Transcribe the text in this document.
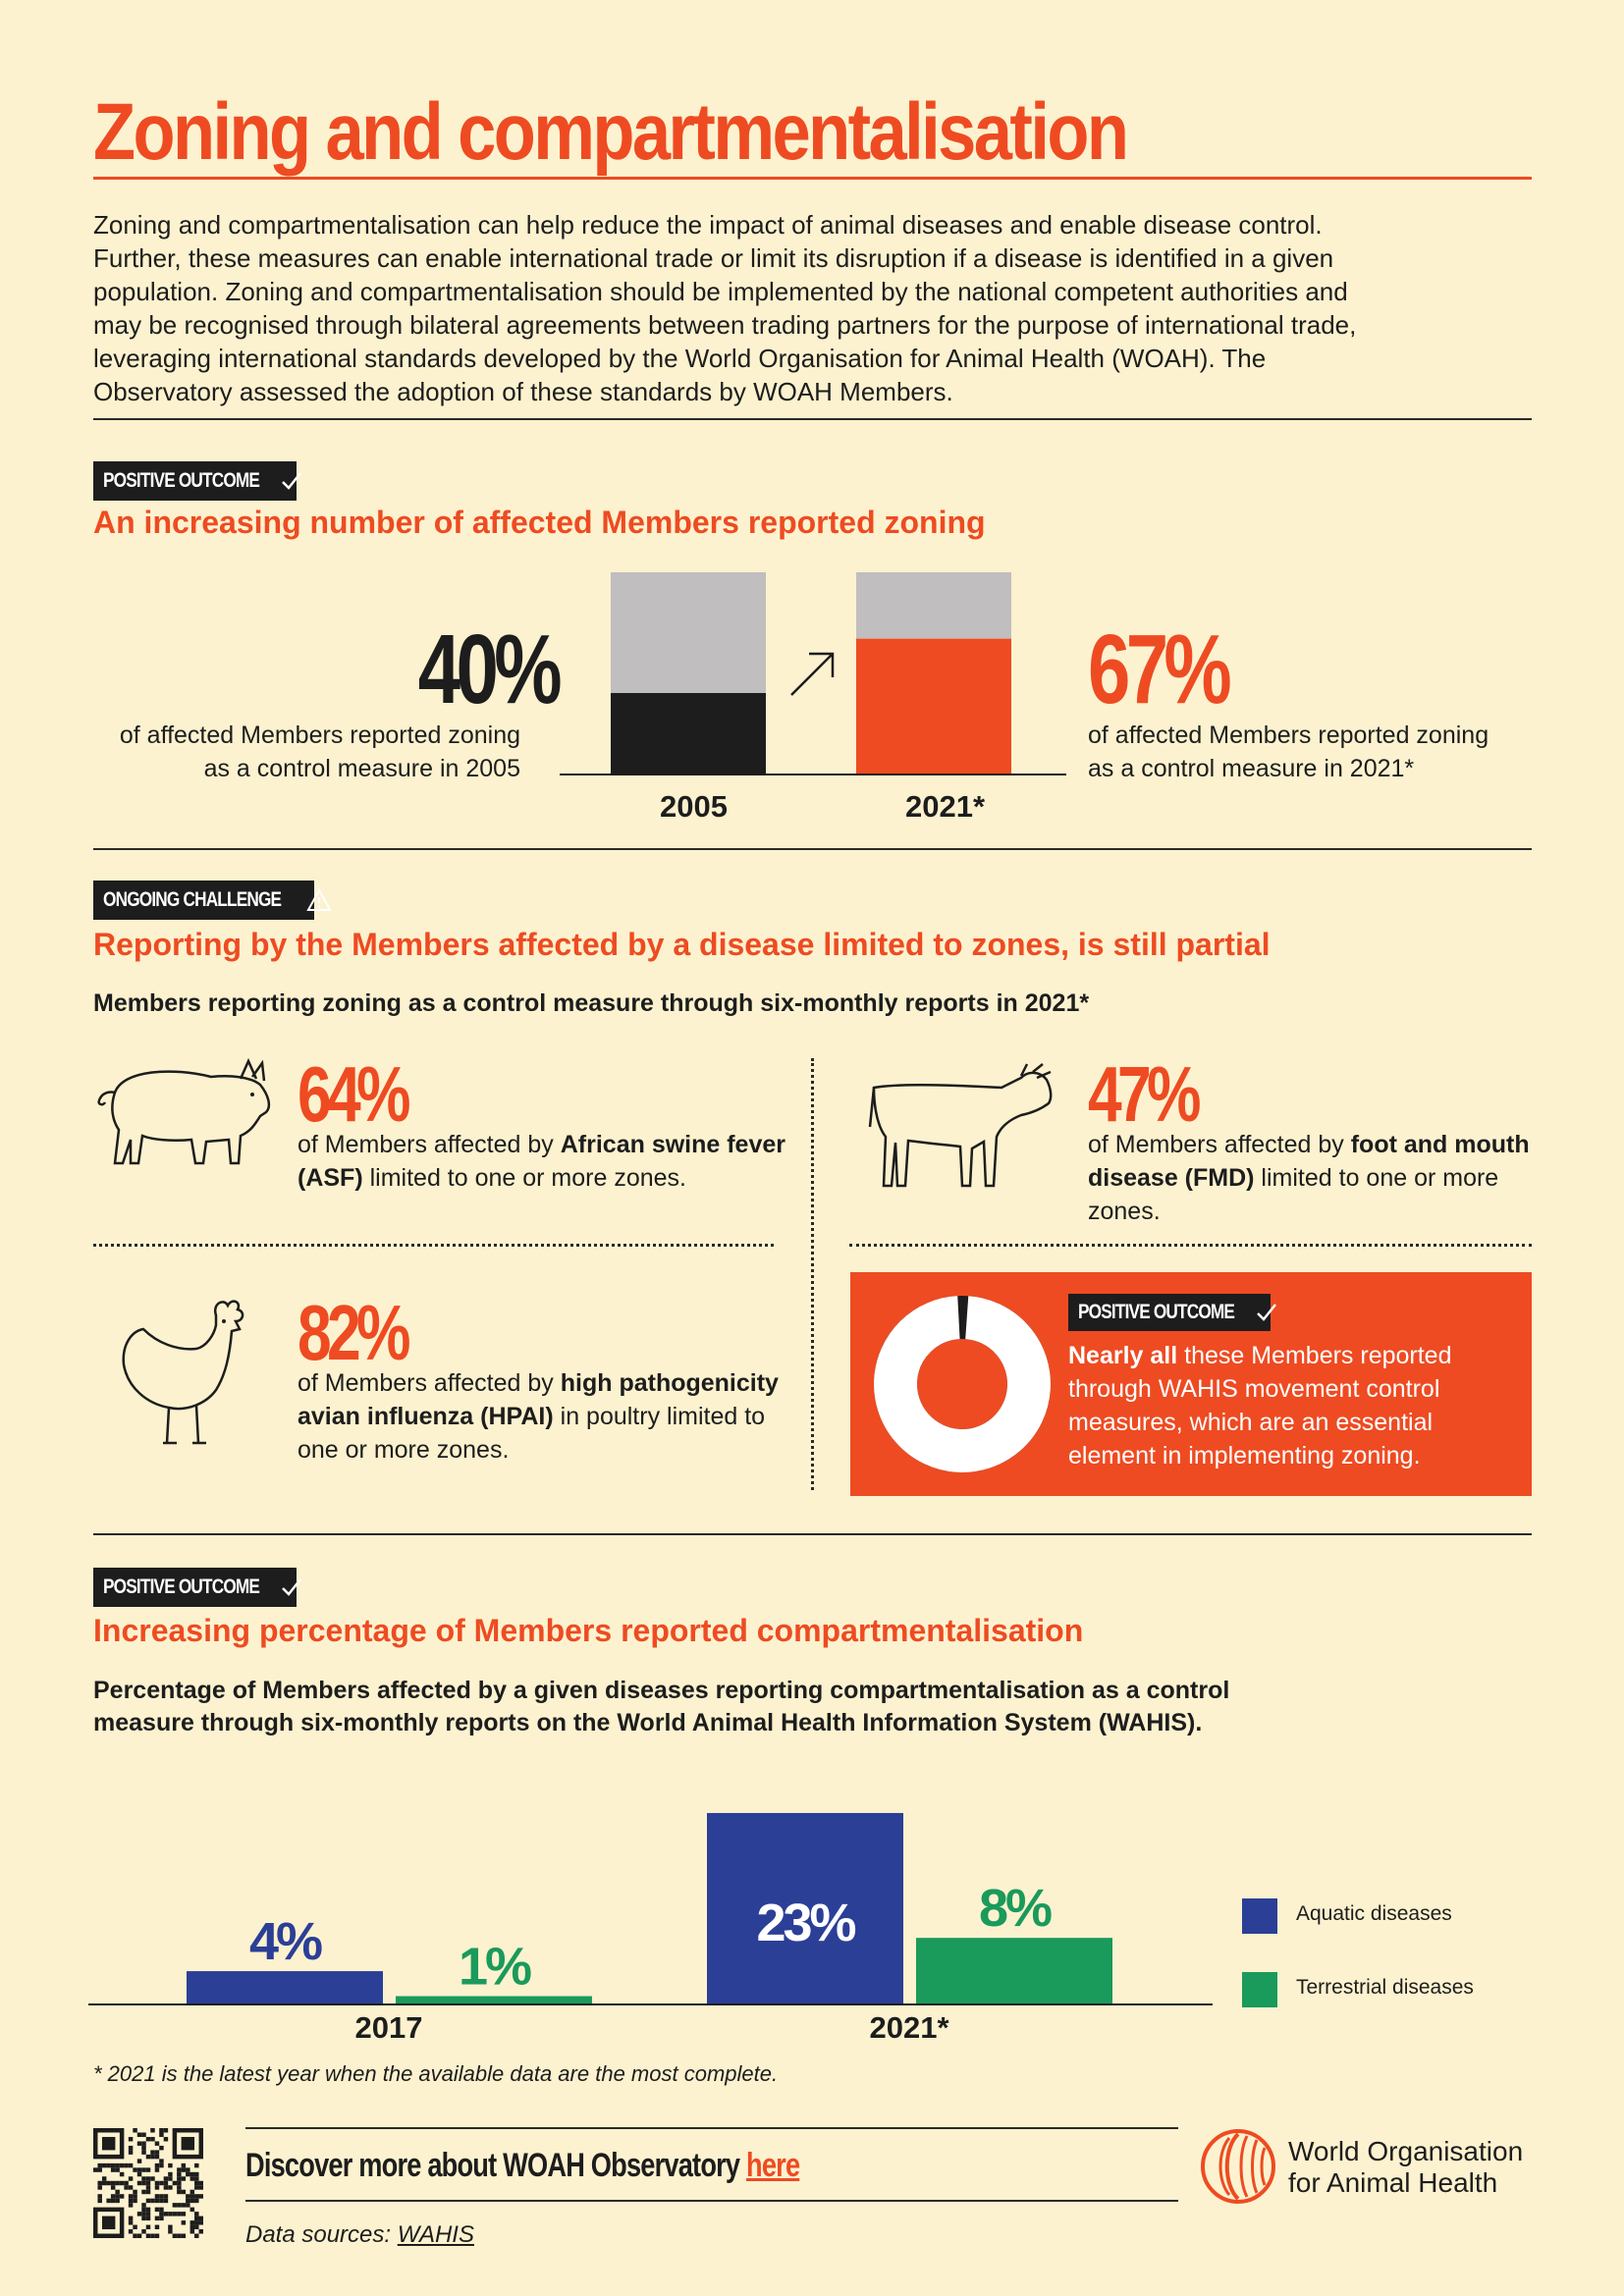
Zoning and compartmentalisation
Zoning and compartmentalisation can help reduce the impact of animal diseases and enable disease control. Further, these measures can enable international trade or limit its disruption if a disease is identified in a given population. Zoning and compartmentalisation should be implemented by the national competent authorities and may be recognised through bilateral agreements between trading partners for the purpose of international trade, leveraging international standards developed by the World Organisation for Animal Health (WOAH). The Observatory assessed the adoption of these standards by WOAH Members.
POSITIVE OUTCOME
An increasing number of affected Members reported zoning
40%
of affected Members reported zoning as a control measure in 2005
2005	2021*
67%
of affected Members reported zoning as a control measure in 2021*
ONGOING CHALLENGE
Reporting by the Members affected by a disease limited to zones, is still partial
Members reporting zoning as a control measure through six-monthly reports in 2021*
64%
of Members affected by African swine fever (ASF) limited to one or more zones.
47%
of Members affected by foot and mouth disease (FMD) limited to one or more zones.
82%
of Members affected by high pathogenicity avian influenza (HPAI) in poultry limited to one or more zones.
POSITIVE OUTCOME
Nearly all these Members reported through WAHIS movement control measures, which are an essential element in implementing zoning.
POSITIVE OUTCOME
Increasing percentage of Members reported compartmentalisation
Percentage of Members affected by a given diseases reporting compartmentalisation as a control measure through six-monthly reports on the World Animal Health Information System (WAHIS).
4%	23%
1%
8%
2017	2021*
Aquatic diseases
Terrestrial diseases
* 2021 is the latest year when the available data are the most complete.
Discover more about WOAH Observatory here
Data sources: WAHIS
World Organisation
for Animal Health
